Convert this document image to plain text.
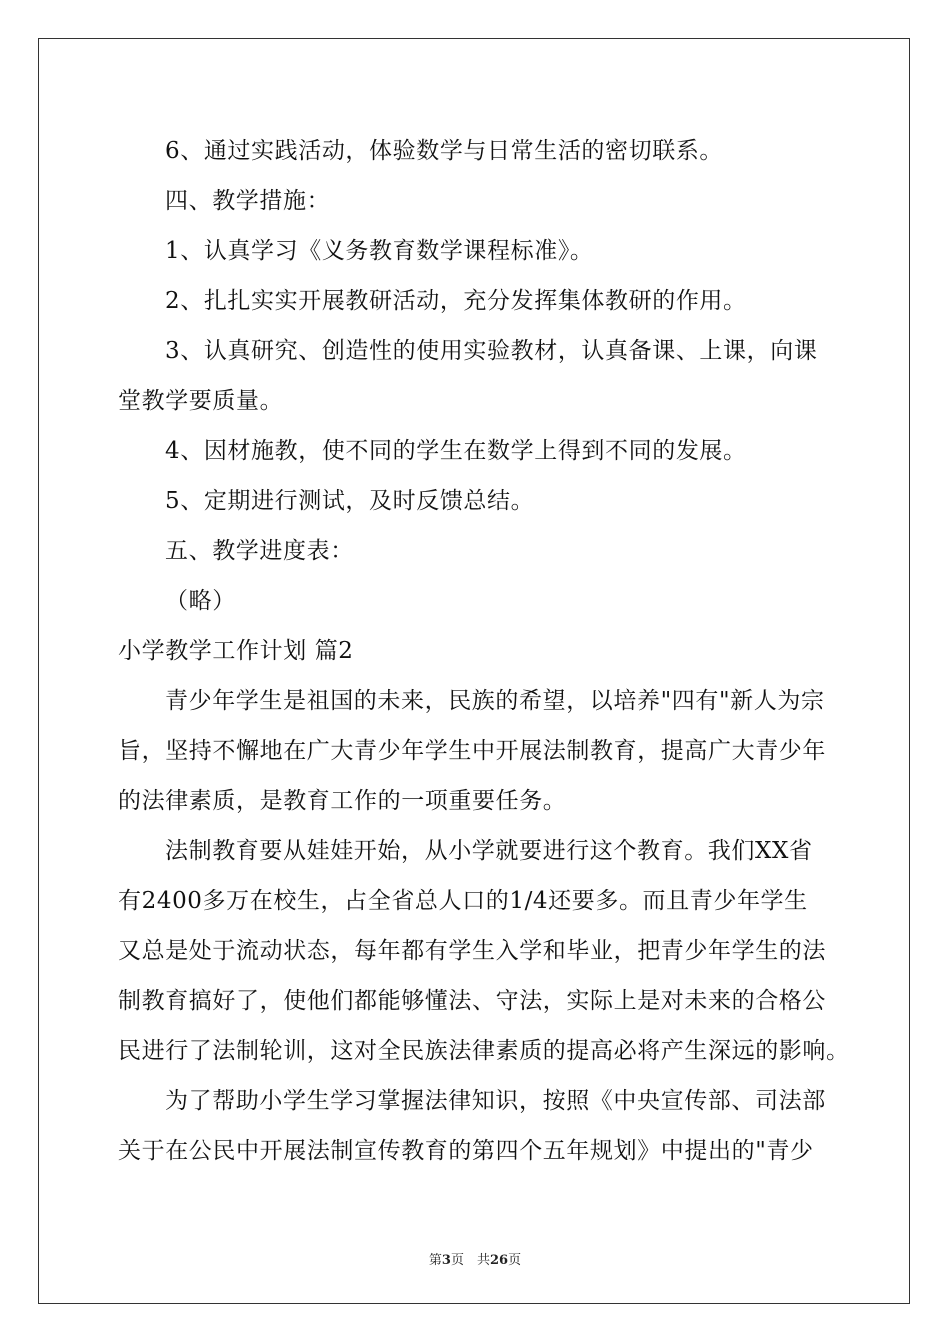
6、通过实践活动，体验数学与日常生活的密切联系。
四、教学措施：
1、认真学习《义务教育数学课程标准》。
2、扎扎实实开展教研活动，充分发挥集体教研的作用。
3、认真研究、创造性的使用实验教材，认真备课、上课，向课
堂教学要质量。
4、因材施教，使不同的学生在数学上得到不同的发展。
5、定期进行测试，及时反馈总结。
五、教学进度表：
（略）
小学教学工作计划 篇2
青少年学生是祖国的未来，民族的希望，以培养"四有"新人为宗
旨，坚持不懈地在广大青少年学生中开展法制教育，提高广大青少年
的法律素质，是教育工作的一项重要任务。
法制教育要从娃娃开始，从小学就要进行这个教育。我们XX省
有2400多万在校生，占全省总人口的1/4还要多。而且青少年学生
又总是处于流动状态，每年都有学生入学和毕业，把青少年学生的法
制教育搞好了，使他们都能够懂法、守法，实际上是对未来的合格公
民进行了法制轮训，这对全民族法律素质的提高必将产生深远的影响。
为了帮助小学生学习掌握法律知识，按照《中央宣传部、司法部
关于在公民中开展法制宣传教育的第四个五年规划》中提出的"青少
第3页　共26页
